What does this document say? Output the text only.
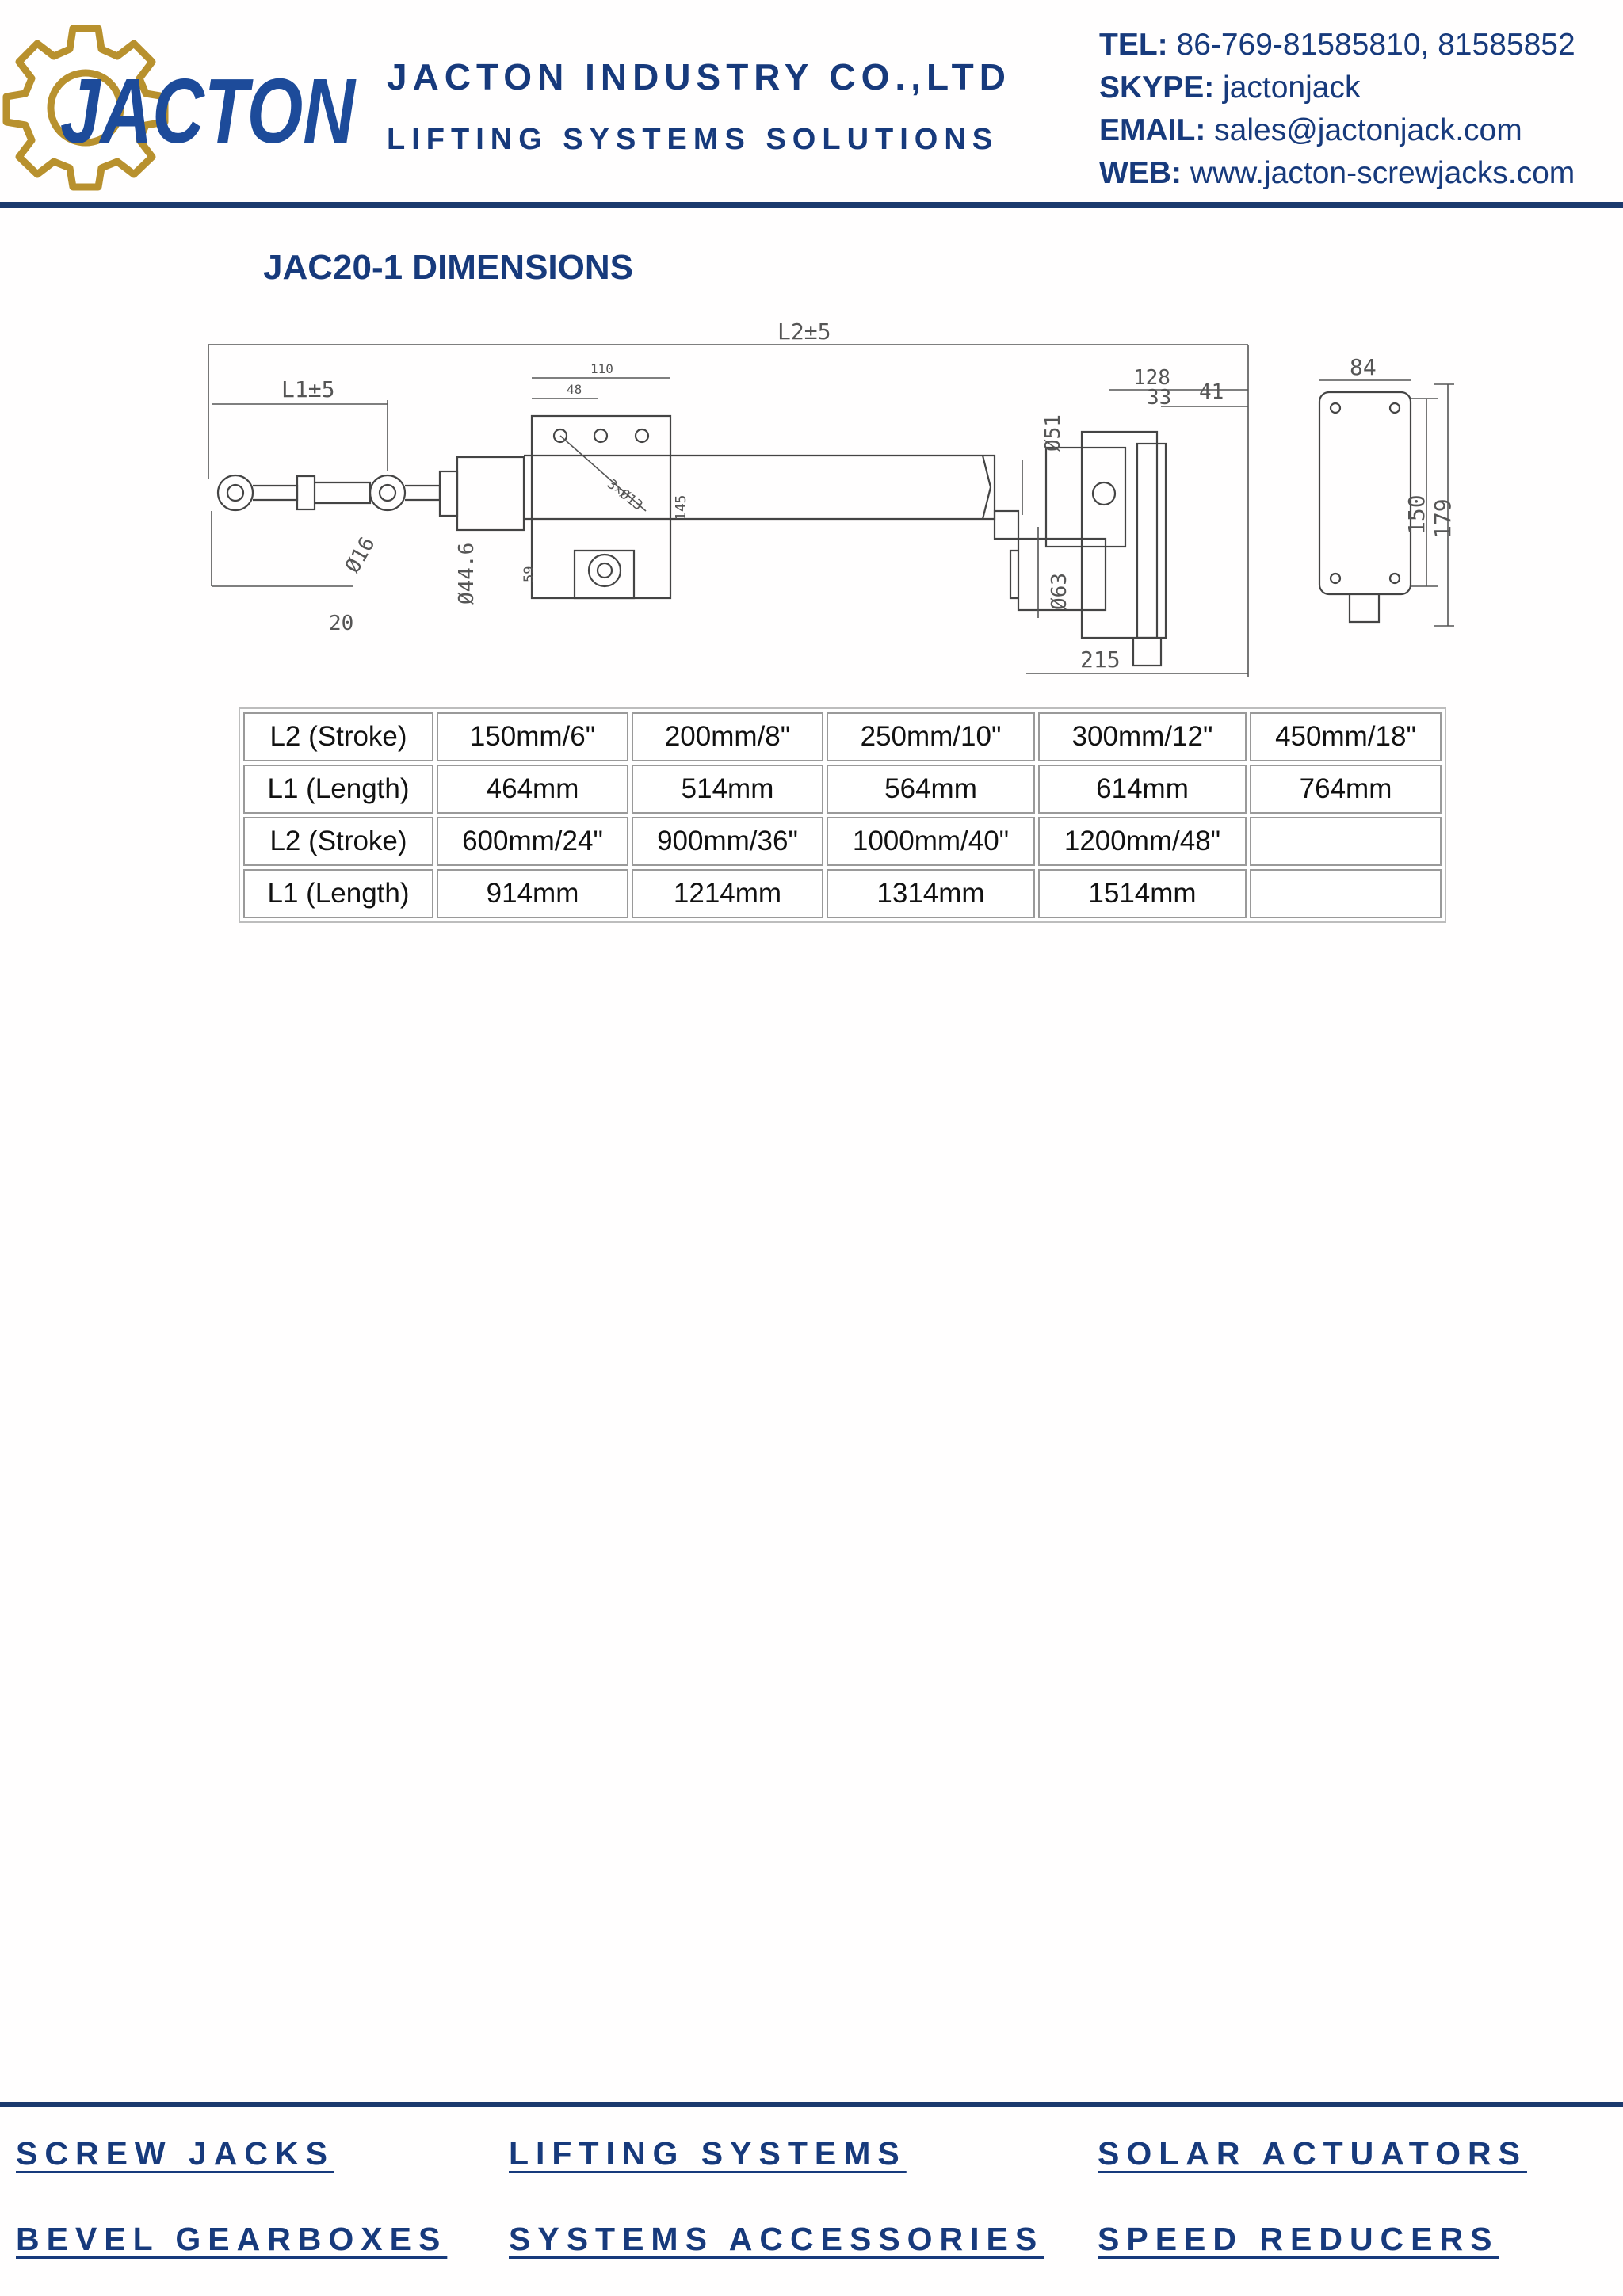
JACTON JACTON INDUSTRY CO.,LTD
LIFTING SYSTEMS SOLUTIONS
TEL: 86-769-81585810, 81585852
SKYPE: jactonjack
EMAIL: sales@jactonjack.com
WEB: www.jacton-screwjacks.com
JAC20-1 DIMENSIONS
L2±5
L1±5
110
48
3×Ø13 145
59
Ø16
20
Ø44.6
Ø51
Ø63
128
33 41
215
84
150 179
L2 (Stroke)	150mm/6"	200mm/8"	250mm/10"	300mm/12"	450mm/18"
L1 (Length)	464mm	514mm	564mm	614mm	764mm
L2 (Stroke)	600mm/24"	900mm/36"	1000mm/40"	1200mm/48"	
L1 (Length)	914mm	1214mm	1314mm	1514mm	
SCREW JACKS	LIFTING SYSTEMS	SOLAR ACTUATORS
BEVEL GEARBOXES SYSTEMS ACCESSORIES SPEED REDUCERS
